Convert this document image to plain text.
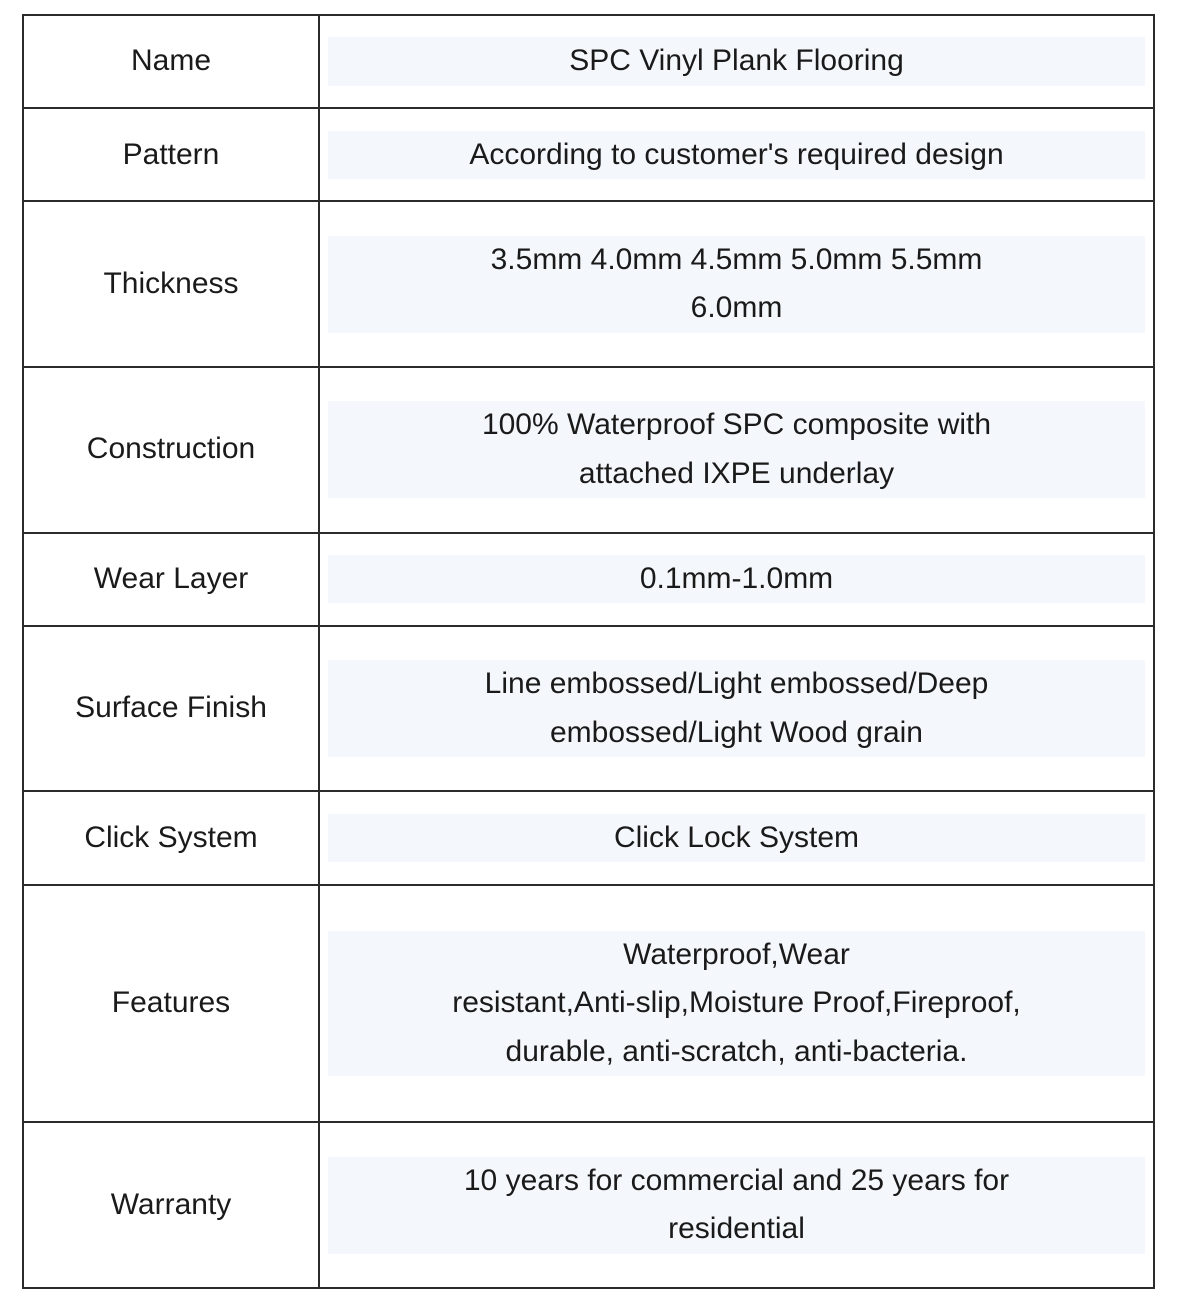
Name	SPC Vinyl Plank Flooring

Pattern	According to customer's required design

Thickness	3.5mm 4.0mm 4.5mm 5.0mm 5.5mm
6.0mm

Construction	100% Waterproof SPC composite with
attached IXPE underlay

Wear Layer	0.1mm-1.0mm

Surface Finish	Line embossed/Light embossed/Deep
embossed/Light Wood grain

Click System	Click Lock System

Features	Waterproof,Wear
resistant,Anti-slip,Moisture Proof,Fireproof,
durable, anti-scratch, anti-bacteria.

Warranty	10 years for commercial and 25 years for
residential
